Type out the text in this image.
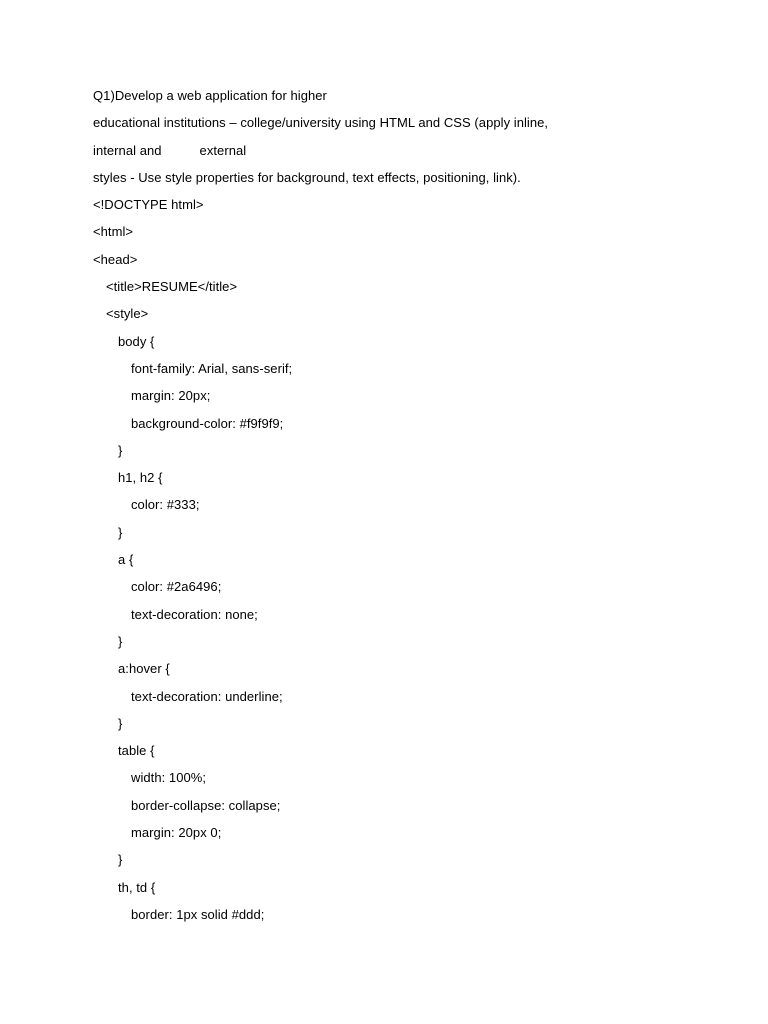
Q1)Develop a web application for higher
educational institutions – college/university using HTML and CSS (apply inline,
internal and	external
styles - Use style properties for background, text effects, positioning, link).
<!DOCTYPE html>
<html>
<head>
<title>RESUME</title>
<style>
body {
font-family: Arial, sans-serif;
margin: 20px;
background-color: #f9f9f9;
}
h1, h2 {
color: #333;
}
a {
color: #2a6496;
text-decoration: none;
}
a:hover {
text-decoration: underline;
}
table {
width: 100%;
border-collapse: collapse;
margin: 20px 0;
}
th, td {
border: 1px solid #ddd;
